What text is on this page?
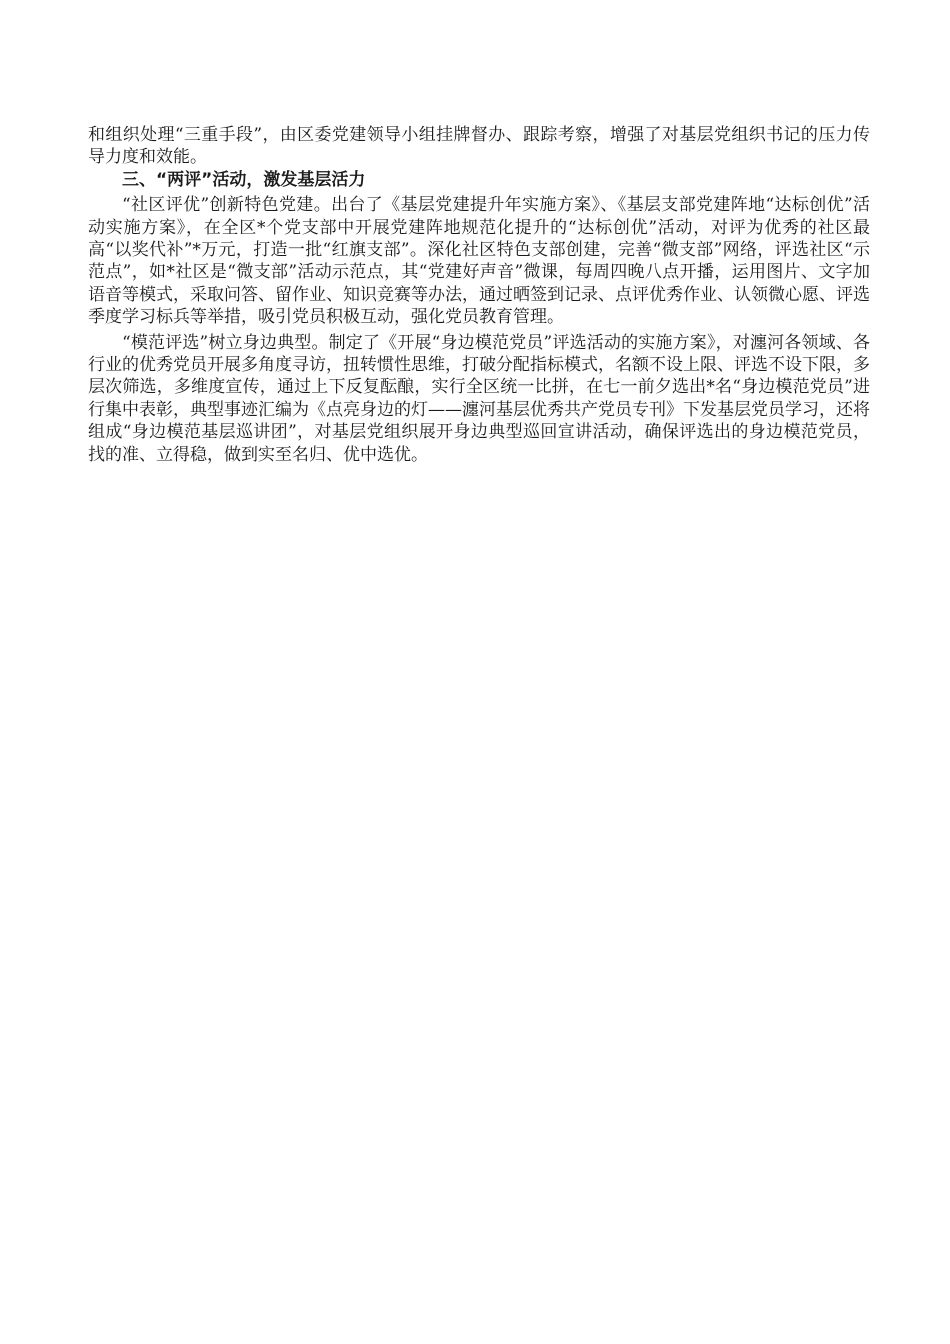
和组织处理“三重手段”，由区委党建领导小组挂牌督办、跟踪考察，增强了对基层党组织书记的压力传导力度和效能。

三、“两评”活动，激发基层活力

“社区评优”创新特色党建。出台了《基层党建提升年实施方案》、《基层支部党建阵地“达标创优”活动实施方案》，在全区*个党支部中开展党建阵地规范化提升的“达标创优”活动，对评为优秀的社区最高“以奖代补”*万元，打造一批“红旗支部”。深化社区特色支部创建，完善“微支部”网络，评选社区“示范点”，如*社区是“微支部”活动示范点，其“党建好声音”微课，每周四晚八点开播，运用图片、文字加语音等模式，采取问答、留作业、知识竞赛等办法，通过晒签到记录、点评优秀作业、认领微心愿、评选季度学习标兵等举措，吸引党员积极互动，强化党员教育管理。

“模范评选”树立身边典型。制定了《开展“身边模范党员”评选活动的实施方案》，对瀍河各领域、各行业的优秀党员开展多角度寻访，扭转惯性思维，打破分配指标模式，名额不设上限、评选不设下限，多层次筛选，多维度宣传，通过上下反复酝酿，实行全区统一比拼，在七一前夕选出*名“身边模范党员”进行集中表彰，典型事迹汇编为《点亮身边的灯——瀍河基层优秀共产党员专刊》下发基层党员学习，还将组成“身边模范基层巡讲团”，对基层党组织展开身边典型巡回宣讲活动，确保评选出的身边模范党员，找的准、立得稳，做到实至名归、优中选优。
